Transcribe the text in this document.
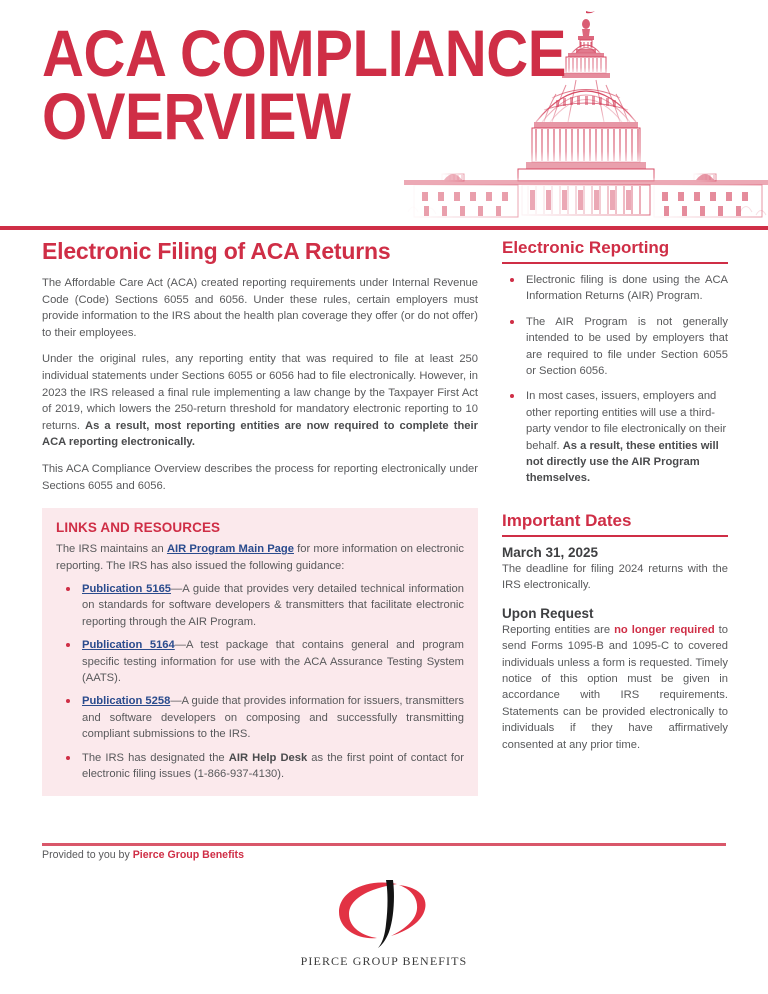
ACA COMPLIANCE
OVERVIEW
Electronic Filing of ACA Returns

The Affordable Care Act (ACA) created reporting requirements under Internal Revenue Code (Code) Sections 6055 and 6056. Under these rules, certain employers must provide information to the IRS about the health plan coverage they offer (or do not offer) to their employees.

Under the original rules, any reporting entity that was required to file at least 250 individual statements under Sections 6055 or 6056 had to file electronically. However, in 2023 the IRS released a final rule implementing a law change by the Taxpayer First Act of 2019, which lowers the 250-return threshold for mandatory electronic reporting to 10 returns. As a result, most reporting entities are now required to complete their ACA reporting electronically.

This ACA Compliance Overview describes the process for reporting electronically under Sections 6055 and 6056.

LINKS AND RESOURCES

The IRS maintains an AIR Program Main Page for more information on electronic reporting. The IRS has also issued the following guidance:

Publication 5165—A guide that provides very detailed technical information on standards for software developers & transmitters that facilitate electronic reporting through the AIR Program.
Publication 5164—A test package that contains general and program specific testing information for use with the ACA Assurance Testing System (AATS).
Publication 5258—A guide that provides information for issuers, transmitters and software developers on composing and successfully transmitting compliant submissions to the IRS.
The IRS has designated the AIR Help Desk as the first point of contact for electronic filing issues (1-866-937-4130).
Electronic Reporting
Electronic filing is done using the ACA Information Returns (AIR) Program.
The AIR Program is not generally intended to be used by employers that are required to file under Section 6055 or Section 6056.
In most cases, issuers, employers and other reporting entities will use a third-party vendor to file electronically on their behalf. As a result, these entities will not directly use the AIR Program themselves.
Important Dates
March 31, 2025

The deadline for filing 2024 returns with the IRS electronically.

Upon Request

Reporting entities are no longer required to send Forms 1095-B and 1095-C to covered individuals unless a form is requested. Timely notice of this option must be given in accordance with IRS requirements. Statements can be provided electronically to individuals if they have affirmatively consented at any prior time.

Provided to you by Pierce Group Benefits
PIERCE GROUP BENEFITS
